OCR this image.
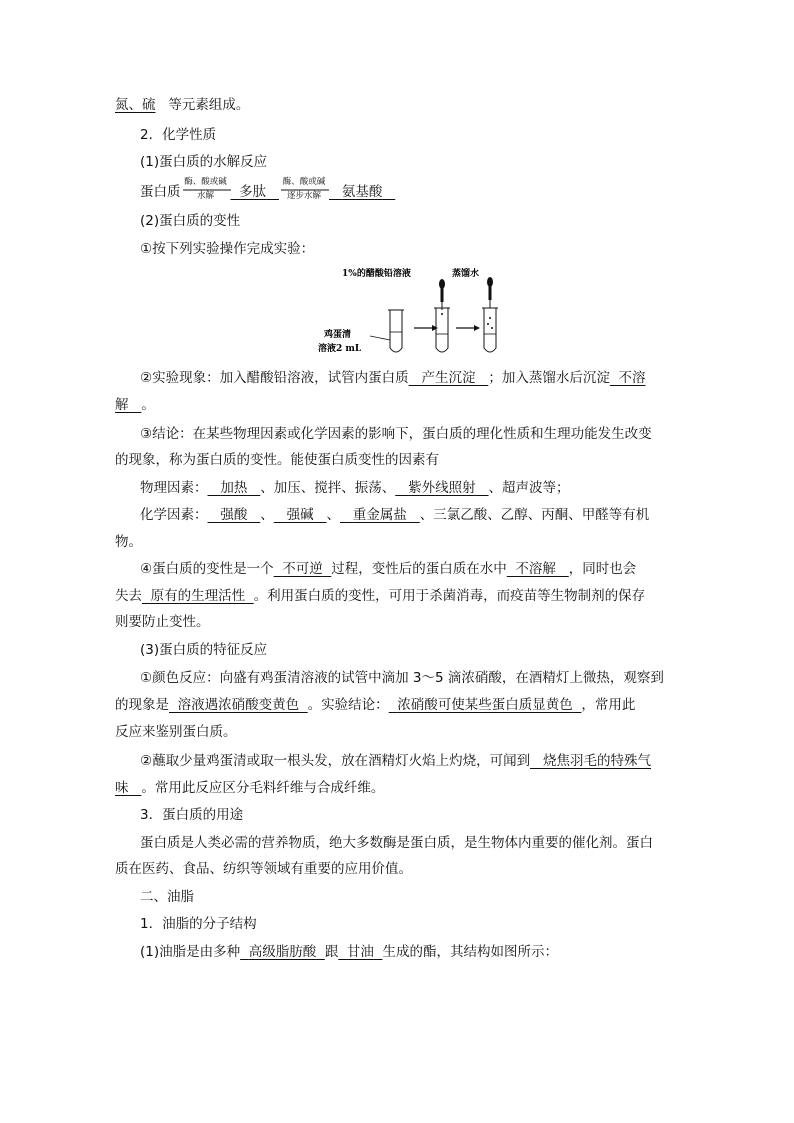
氮、硫 等元素组成。
2．化学性质
(1)蛋白质的水解反应
蛋白质
酶、酸或碱
水解	多肽
酶、酸或碱
逐步水解	氨基酸
(2)蛋白质的变性
①按下列实验操作完成实验：
1%的醋酸铅溶液	蒸馏水
鸡蛋清
溶液2 mL
②实验现象：加入醋酸铅溶液，试管内蛋白质 产生沉淀 ；加入蒸馏水后沉淀 不溶
解 。
③结论：在某些物理因素或化学因素的影响下，蛋白质的理化性质和生理功能发生改变
的现象，称为蛋白质的变性。能使蛋白质变性的因素有
物理因素： 加热 、加压、搅拌、振荡、 紫外线照射 、超声波等；
化学因素： 强酸 、 强碱 、 重金属盐 、三氯乙酸、乙醇、丙酮、甲醛等有机
物。
④蛋白质的变性是一个 不可逆 过程，变性后的蛋白质在水中 不溶解 ，同时也会
失去 原有的生理活性 。利用蛋白质的变性，可用于杀菌消毒，而疫苗等生物制剂的保存
则要防止变性。
(3)蛋白质的特征反应
①颜色反应：向盛有鸡蛋清溶液的试管中滴加 3～5 滴浓硝酸，在酒精灯上微热，观察到
的现象是 溶液遇浓硝酸变黄色 。实验结论： 浓硝酸可使某些蛋白质显黄色 ，常用此
反应来鉴别蛋白质。
②蘸取少量鸡蛋清或取一根头发，放在酒精灯火焰上灼烧，可闻到 烧焦羽毛的特殊气
味 。常用此反应区分毛料纤维与合成纤维。
3．蛋白质的用途
蛋白质是人类必需的营养物质，绝大多数酶是蛋白质，是生物体内重要的催化剂。蛋白
质在医药、食品、纺织等领域有重要的应用价值。
二、油脂
1．油脂的分子结构
(1)油脂是由多种 高级脂肪酸 跟 甘油 生成的酯，其结构如图所示：
